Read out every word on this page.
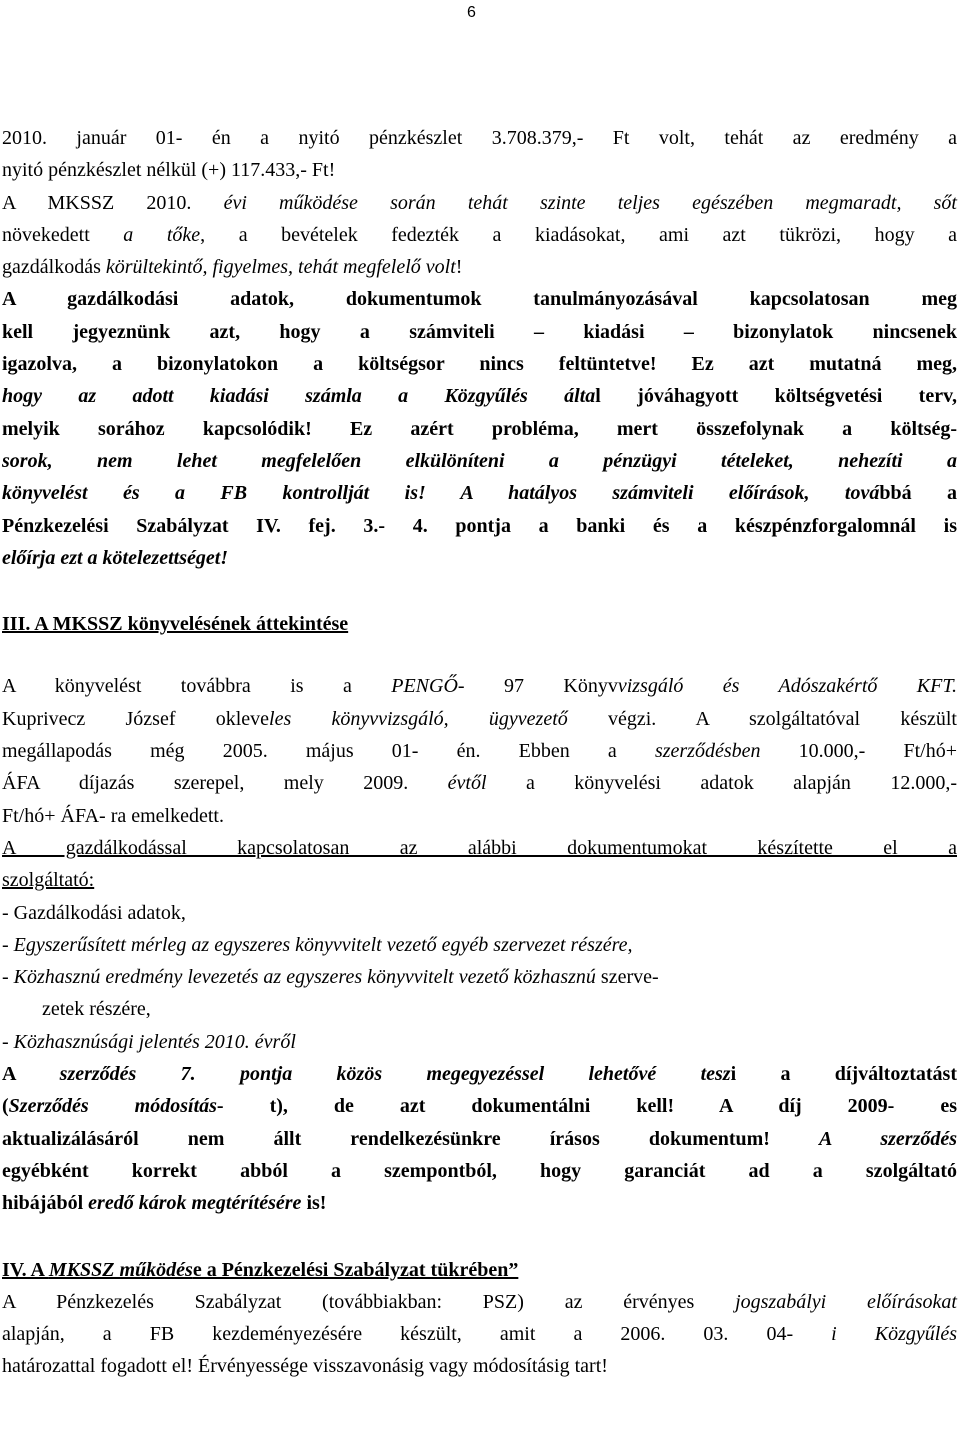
6
2010. január 01- én a nyitó pénzkészlet 3.708.379,- Ft volt, tehát az eredmény a
nyitó pénzkészlet nélkül (+) 117.433,- Ft!
A MKSSZ 2010. évi működése során tehát szinte teljes egészében megmaradt, sőt
növekedett a tőke, a bevételek fedezték a kiadásokat, ami azt tükrözi, hogy a
gazdálkodás körültekintő, figyelmes, tehát megfelelő volt!
A gazdálkodási adatok, dokumentumok tanulmányozásával kapcsolatosan meg
kell jegyeznünk azt, hogy a számviteli – kiadási – bizonylatok nincsenek
igazolva, a bizonylatokon a költségsor nincs feltüntetve! Ez azt mutatná meg,
hogy az adott kiadási számla a Közgyűlés által jóváhagyott költségvetési terv,
melyik sorához kapcsolódik! Ez azért probléma, mert összefolynak a költség-
sorok, nem lehet megfelelően elkülöníteni a pénzügyi tételeket, nehezíti a
könyvelést és a FB kontrollját is! A hatályos számviteli előírások, továbbá a
Pénzkezelési Szabályzat IV. fej. 3.- 4. pontja a banki és a készpénzforgalomnál is
előírja ezt a kötelezettséget!
III. A MKSSZ könyvelésének áttekintése
A könyvelést továbbra is a PENGŐ- 97 Könyvvizsgáló és Adószakértő KFT.
Kuprivecz József okleveles könyvvizsgáló, ügyvezető végzi. A szolgáltatóval készült
megállapodás még 2005. május 01- én. Ebben a szerződésben 10.000,- Ft/hó+
ÁFA díjazás szerepel, mely 2009. évtől a könyvelési adatok alapján 12.000,-
Ft/hó+ ÁFA- ra emelkedett.
A gazdálkodással kapcsolatosan az alábbi dokumentumokat készítette el a
szolgáltató:
- Gazdálkodási adatok,
- Egyszerűsített mérleg az egyszeres könyvvitelt vezető egyéb szervezet részére,
- Közhasznú eredmény levezetés az egyszeres könyvvitelt vezető közhasznú szerve-
zetek részére,
- Közhasznúsági jelentés 2010. évről
A szerződés 7. pontja közös megegyezéssel lehetővé teszi a díjváltoztatást
(Szerződés módosítás- t), de azt dokumentálni kell! A díj 2009- es
aktualizálásáról nem állt rendelkezésünkre írásos dokumentum! A szerződés
egyébként korrekt abból a szempontból, hogy garanciát ad a szolgáltató
hibájából eredő károk megtérítésére is!
IV. A MKSSZ működése a Pénzkezelési Szabályzat tükrében”
A Pénzkezelés Szabályzat (továbbiakban: PSZ) az érvényes jogszabályi előírásokat
alapján, a FB kezdeményezésére készült, amit a 2006. 03. 04- i Közgyűlés
határozattal fogadott el! Érvényessége visszavonásig vagy módosításig tart!
